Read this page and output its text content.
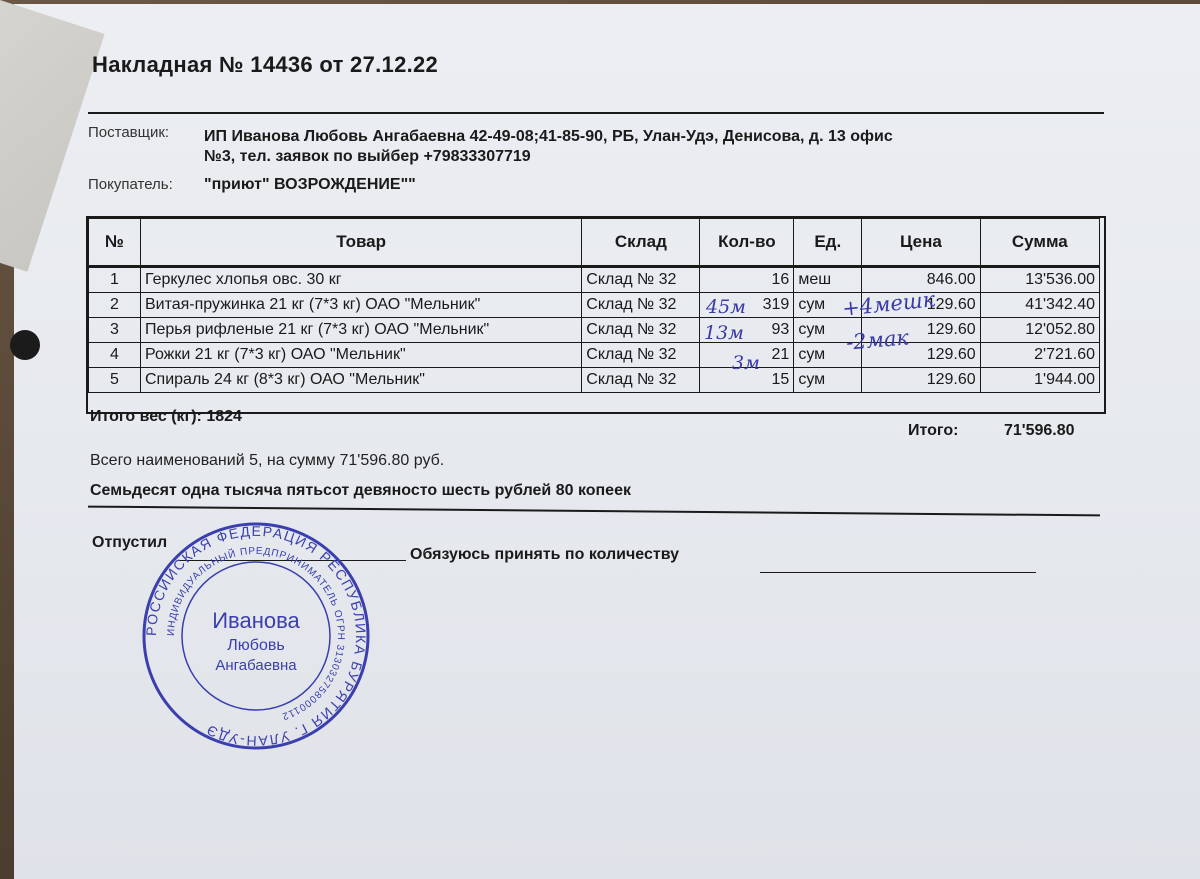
Накладная № 14436 от 27.12.22
Поставщик: ИП Иванова Любовь Ангабаевна 42-49-08;41-85-90, РБ, Улан-Удэ, Денисова, д. 13 офис
№3, тел. заявок по выйбер +79833307719
Покупатель: "приют" ВОЗРОЖДЕНИЕ""
№	Товар	Склад	Кол-во	Ед.	Цена	Сумма
1	Геркулес хлопья овс. 30 кг	Склад № 32	16	меш	846.00	13'536.00
2	Витая-пружинка 21 кг (7*3 кг) ОАО "Мельник"	Склад № 32	319	сум	129.60	41'342.40
3	Перья рифленые 21 кг (7*3 кг) ОАО "Мельник"	Склад № 32	93	сум	129.60	12'052.80
4	Рожки 21 кг (7*3 кг) ОАО "Мельник"	Склад № 32	21	сум	129.60	2'721.60
5	Спираль 24 кг (8*3 кг) ОАО "Мельник"	Склад № 32	15	сум	129.60	1'944.00
45м	+4мешк
13м	-2мак
3м
Итого вес (кг): 1824
Итого:	71'596.80
Всего наименований 5, на сумму 71'596.80 руб.
Семьдесят одна тысяча пятьсот девяносто шесть рублей 80 копеек
Отпустил
Обязуюсь принять по количеству
РОССИЙСКАЯ ФЕДЕРАЦИЯ РЕСПУБЛИКА БУРЯТИЯ Г. УЛАН-УДЭ
ИНДИВИДУАЛЬНЫЙ ПРЕДПРИНИМАТЕЛЬ ОГРН 313032758000112
Иванова
Любовь
Ангабаевна
